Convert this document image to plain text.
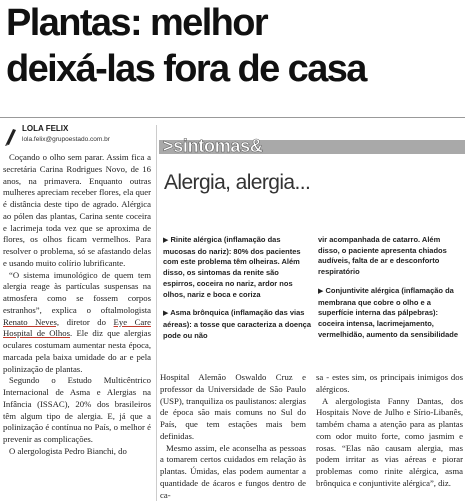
Plantas: melhor
deixá-las fora de casa
LOLA FELIX
lola.felix@grupoestado.com.br

Coçando o olho sem parar. Assim fica a secretária Carina Rodrigues Novo, de 16 anos, na primavera. Enquanto outras mulheres apreciam receber flores, ela quer é distância deste tipo de agrado. Alérgica ao pólen das plantas, Carina sente coceira e lacrimeja toda vez que se aproxima de flores, os olhos ficam vermelhos. Para resolver o problema, só se afastando delas e usando muito colírio lubrificante.

“O sistema imunológico de quem tem alergia reage às partículas suspensas na atmosfera como se fossem corpos estranhos”, explica o oftalmologista Renato Neves, diretor do Eye Care Hospital de Olhos. Ele diz que alergias oculares costumam aumentar nesta época, marcada pela baixa umidade do ar e pela polinização de plantas.

Segundo o Estudo Multicêntrico Internacional de Asma e Alergias na Infância (ISSAC), 20% dos brasileiros têm algum tipo de alergia. E, já que a polinização é contínua no País, o melhor é prevenir as complicações.

O alergologista Pedro Bianchi, do

>sintomas&
Alergia, alergia...
▶ Rinite alérgica (inflamação das mucosas do nariz): 80% dos pacientes com este problema têm olheiras. Além disso, os sintomas da renite são espirros, coceira no nariz, ardor nos olhos, nariz e boca e coriza
▶ Asma brônquica (inflamação das vias aéreas): a tosse que caracteriza a doença pode ou não
vir acompanhada de catarro. Além disso, o paciente apresenta chiados audíveis, falta de ar e desconforto respiratório
▶ Conjuntivite alérgica (inflamação da membrana que cobre o olho e a superfície interna das pálpebras): coceira intensa, lacrimejamento, vermelhidão, aumento da sensibilidade

Hospital Alemão Oswaldo Cruz e professor da Universidade de São Paulo (USP), tranquiliza os paulistanos: alergias de época são mais comuns no Sul do País, que tem estações mais bem definidas.

Mesmo assim, ele aconselha as pessoas a tomarem certos cuidados em relação às plantas. Úmidas, elas podem aumentar a quantidade de ácaros e fungos dentro de ca-

sa - estes sim, os principais inimigos dos alérgicos.

A alergologista Fanny Dantas, dos Hospitais Nove de Julho e Sírio-Libanês, também chama a atenção para as plantas com odor muito forte, como jasmim e rosas. “Elas não causam alergia, mas podem irritar as vias aéreas e piorar problemas como rinite alérgica, asma brônquica e conjuntivite alérgica”, diz.
